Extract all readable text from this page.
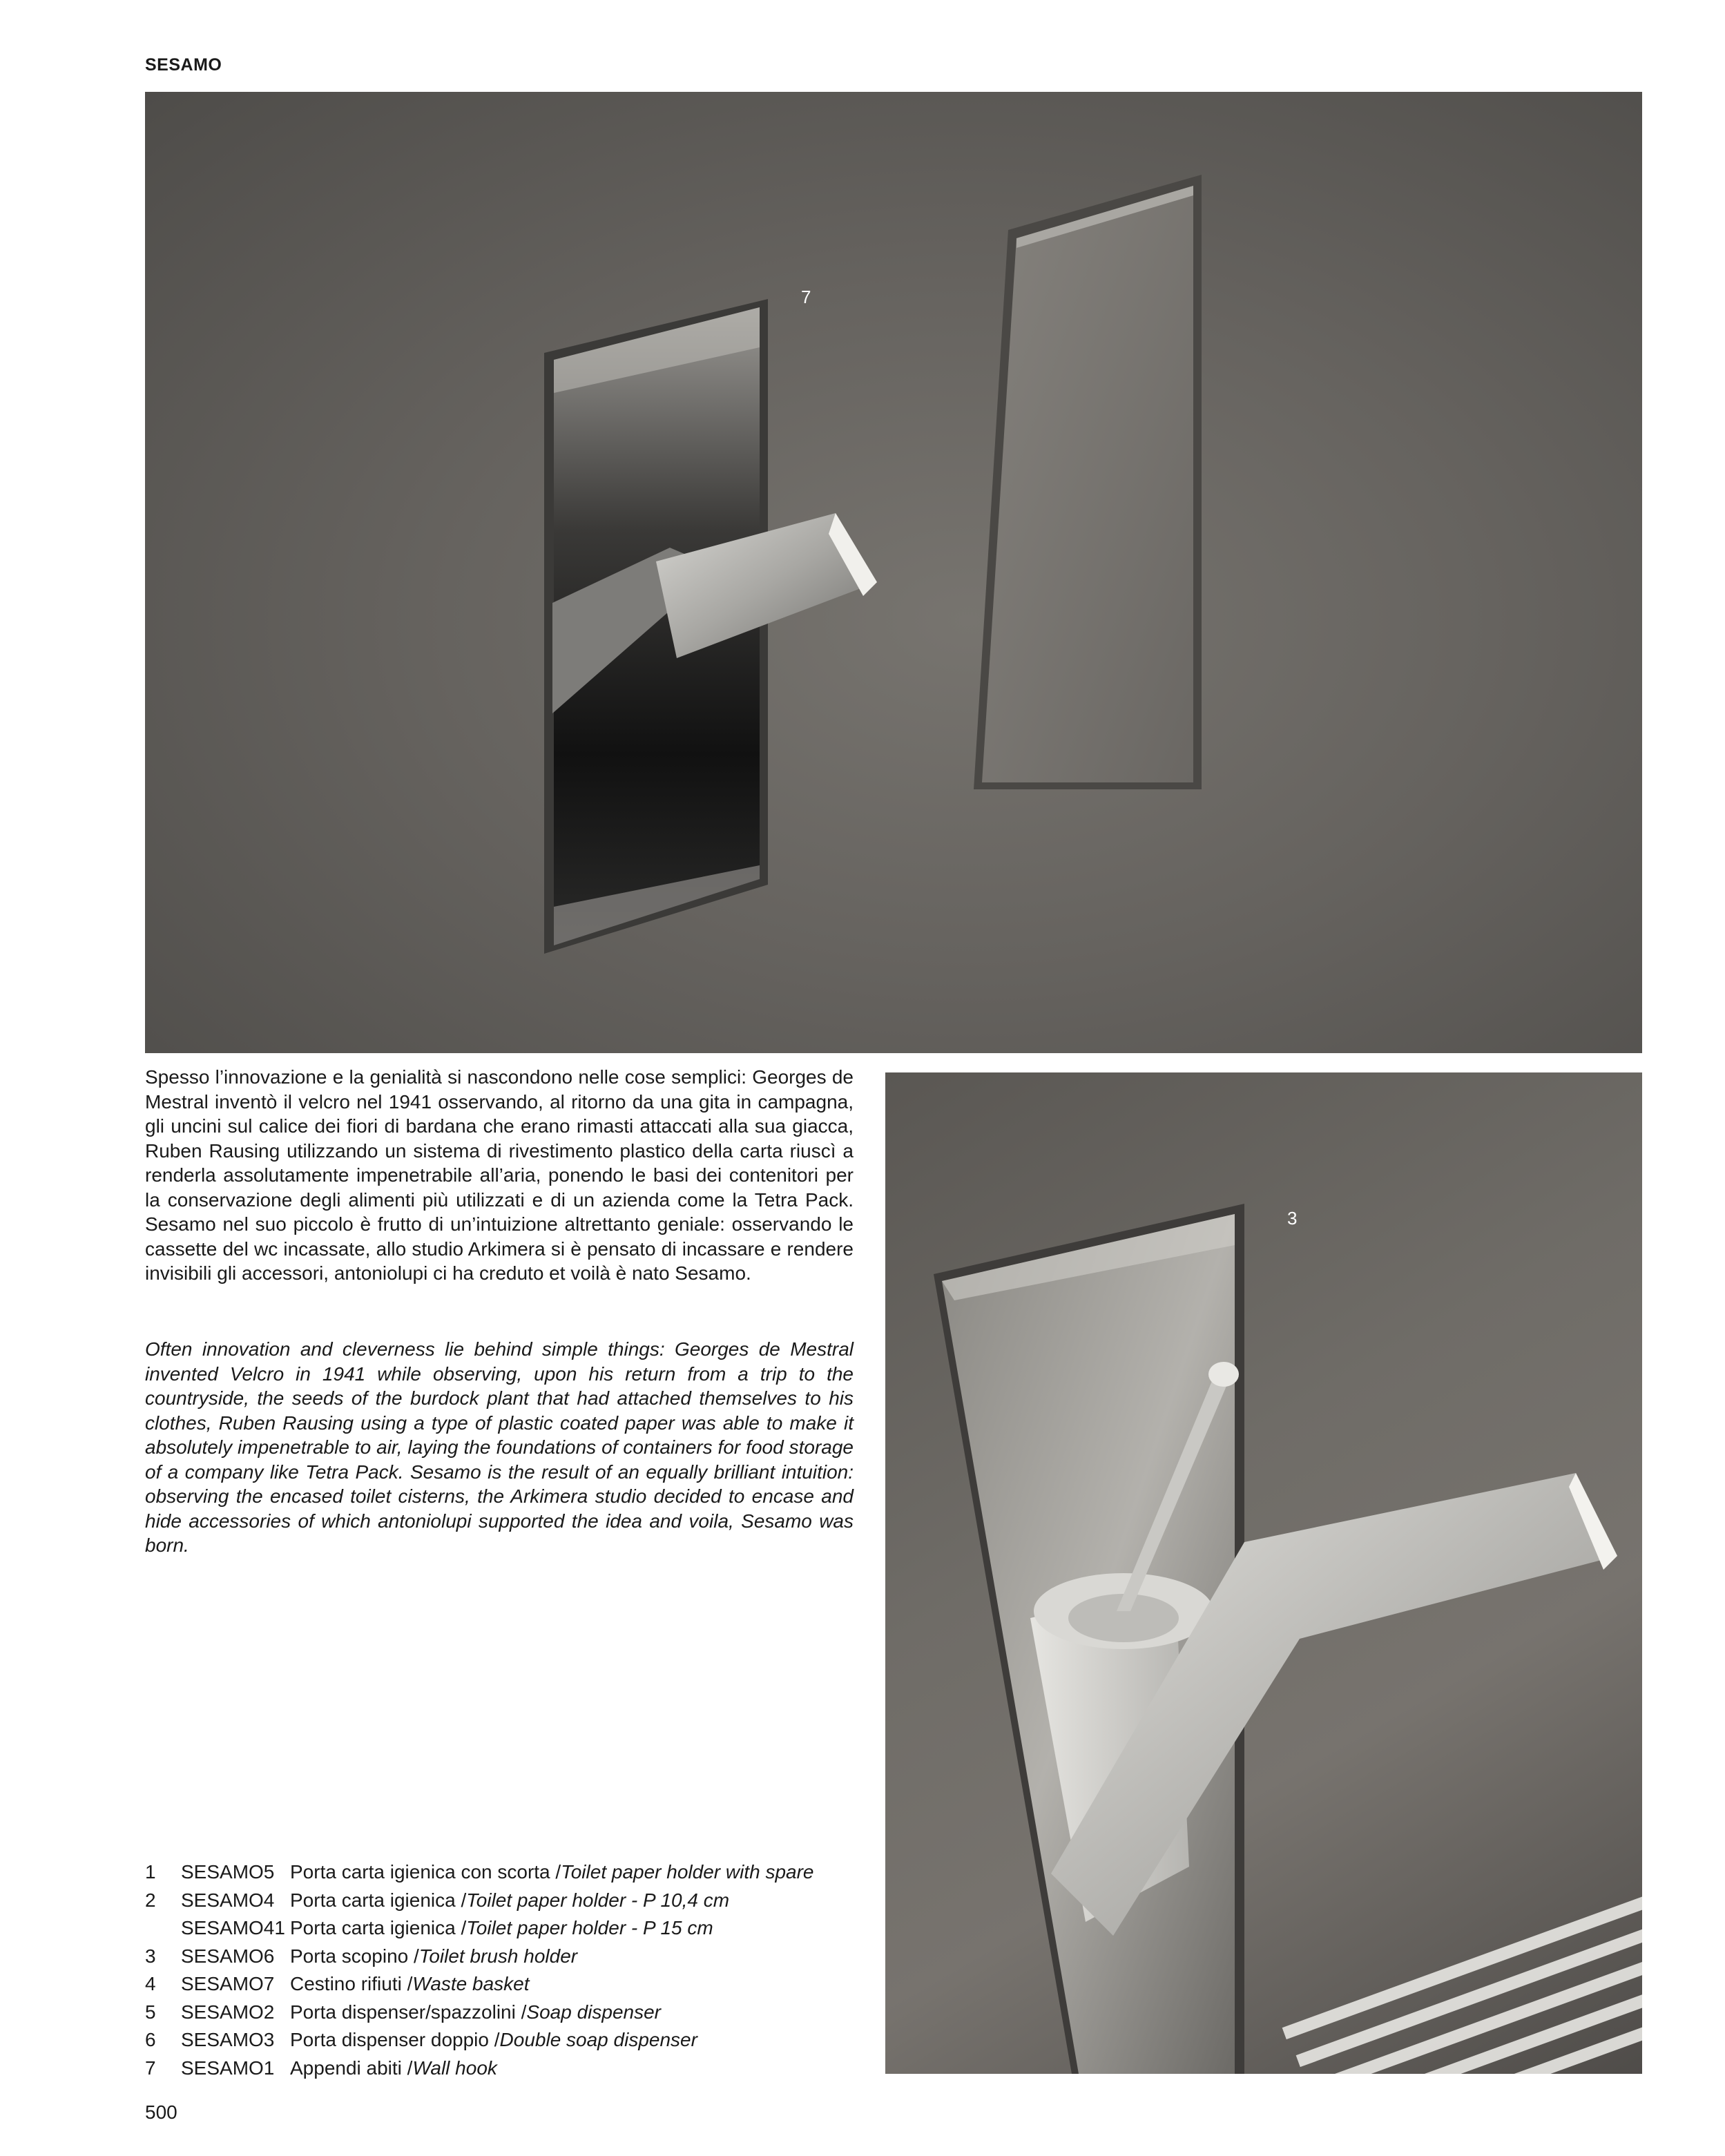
SESAMO
7
Spesso l’innovazione e la genialità si nascondono nelle cose semplici: Georges de Mestral inventò il velcro nel 1941 osservando, al ritorno da una gita in campagna, gli uncini sul calice dei fiori di bardana che erano rimasti attaccati alla sua giacca, Ruben Rausing utilizzando un sistema di rivestimento plastico della carta riuscì a renderla assolutamente impenetrabile all’aria, ponendo le basi dei contenitori per la conservazione degli alimenti più utilizzati e di un azienda come la Tetra Pack. Sesamo nel suo piccolo è frutto di un’intuizione altrettanto geniale: osservando le cassette del wc incassate, allo studio Arkimera si è pensato di incassare e rendere invisibili gli accessori, antoniolupi ci ha creduto et voilà è nato Sesamo.
Often innovation and cleverness lie behind simple things: Georges de Mestral invented Velcro in 1941 while observing, upon his return from a trip to the countryside, the seeds of the burdock plant that had attached themselves to his clothes, Ruben Rausing using a type of plastic coated paper was able to make it absolutely impenetrable to air, laying the foundations of containers for food storage of a company like Tetra Pack. Sesamo is the result of an equally brilliant intuition: observing the encased toilet cisterns, the Arkimera studio decided to encase and hide accessories of which antoniolupi supported the idea and voila, Sesamo was born.
3
1	SESAMO5 Porta carta igienica con scorta / Toilet paper holder with spare
2	SESAMO4 Porta carta igienica / Toilet paper holder - P 10,4 cm
SESAMO41 Porta carta igienica / Toilet paper holder - P 15 cm
3	SESAMO6 Porta scopino / Toilet brush holder
4	SESAMO7 Cestino rifiuti / Waste basket
5	SESAMO2 Porta dispenser/spazzolini / Soap dispenser
6	SESAMO3 Porta dispenser doppio / Double soap dispenser
7	SESAMO1 Appendi abiti / Wall hook
500
